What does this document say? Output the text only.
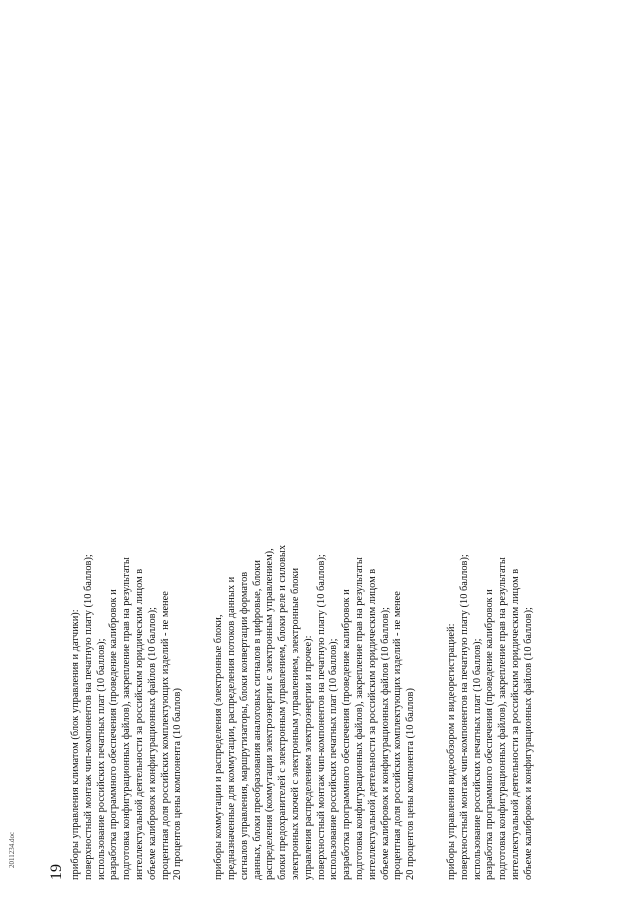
19 приборы управления климатом (блок управления и датчики): поверхностный монтаж чип-компонентов на печатную плату (10 баллов); использование российских печатных плат (10 баллов); разработка программного обеспечения (проведение калибровок и подготовка конфигурационных файлов), закрепление прав на результаты интеллектуальной деятельности за российским юридическим лицом в объеме калибровок и конфигурационных файлов (10 баллов); процентная доля российских комплектующих изделий - не менее 20 процентов цены компонента (10 баллов)	приборы коммутации и распределения (электронные блоки, предназначенные для коммутации, распределения потоков данных и сигналов управления, маршрутизаторы, блоки конвертации форматов данных, блоки преобразования аналоговых сигналов в цифровые, блоки распределения (коммутации электроэнергии с электронным управлением), блоки предохранителей с электронным управлением, блоки реле и силовых электронных ключей с электронным управлением, электронные блоки управления распределением электроэнергии и прочее): поверхностный монтаж чип-компонентов на печатную плату (10 баллов); использование российских печатных плат (10 баллов); разработка программного обеспечения (проведение калибровок и подготовка конфигурационных файлов), закрепление прав на результаты интеллектуальной деятельности за российским юридическим лицом в объеме калибровок и конфигурационных файлов (10 баллов); процентная доля российских комплектующих изделий - не менее 20 процентов цены компонента (10 баллов)	приборы управления видеообзором и видеорегистрацией: поверхностный монтаж чип-компонентов на печатную плату (10 баллов); использование российских печатных плат (10 баллов); разработка программного обеспечения (проведение калибровок и подготовка конфигурационных файлов), закрепление прав на результаты интеллектуальной деятельности за российским юридическим лицом в объеме калибровок и конфигурационных файлов (10 баллов);
2011234.doc
